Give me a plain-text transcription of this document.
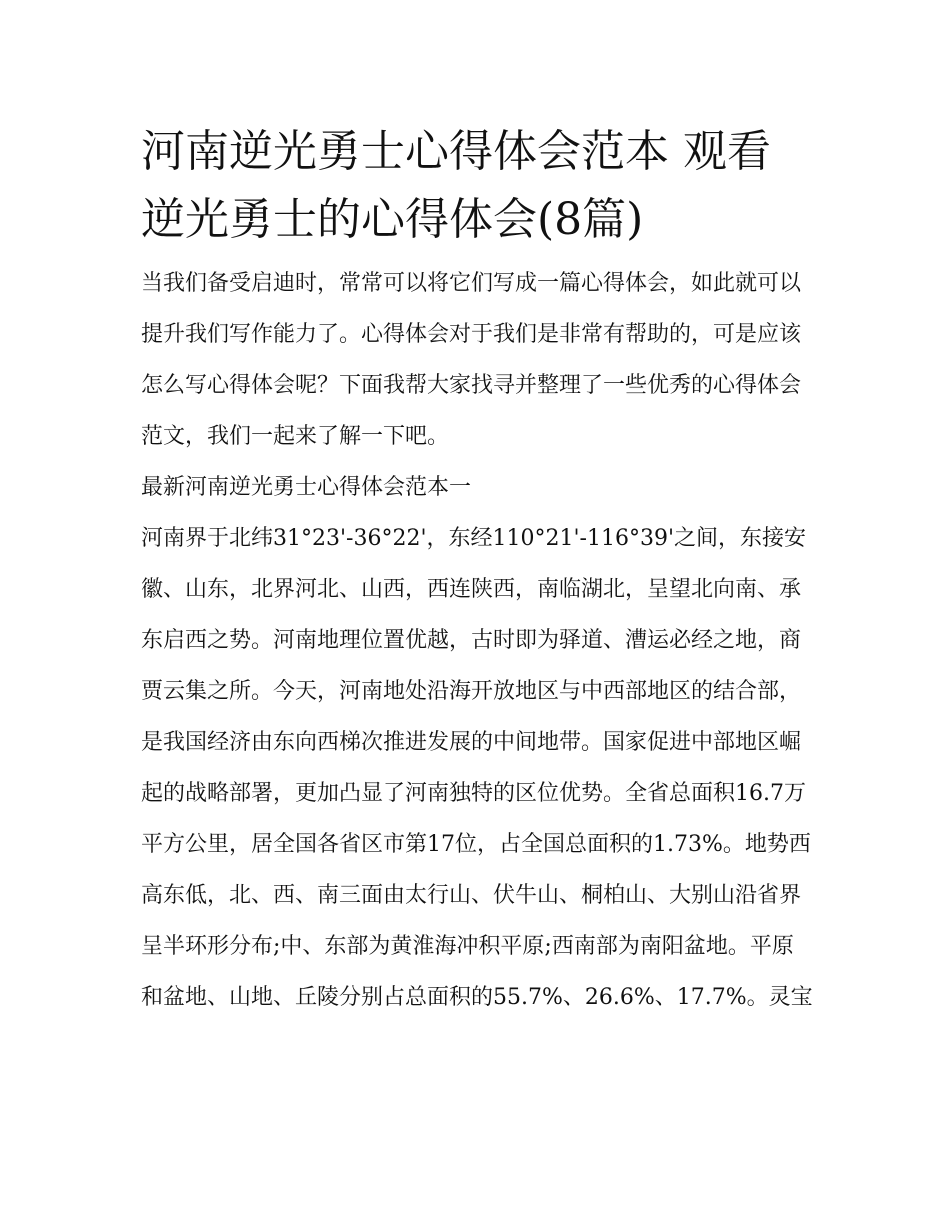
河南逆光勇士心得体会范本 观看逆光勇士的心得体会(8篇)

当我们备受启迪时，常常可以将它们写成一篇心得体会，如此就可以提升我们写作能力了。心得体会对于我们是非常有帮助的，可是应该怎么写心得体会呢？下面我帮大家找寻并整理了一些优秀的心得体会范文，我们一起来了解一下吧。

最新河南逆光勇士心得体会范本一

河南界于北纬31°23'-36°22'，东经110°21'-116°39'之间，东接安徽、山东，北界河北、山西，西连陕西，南临湖北，呈望北向南、承东启西之势。河南地理位置优越，古时即为驿道、漕运必经之地，商贾云集之所。今天，河南地处沿海开放地区与中西部地区的结合部，是我国经济由东向西梯次推进发展的中间地带。国家促进中部地区崛起的战略部署，更加凸显了河南独特的区位优势。全省总面积16.7万平方公里，居全国各省区市第17位，占全国总面积的1.73%。地势西高东低，北、西、南三面由太行山、伏牛山、桐柏山、大别山沿省界呈半环形分布;中、东部为黄淮海冲积平原;西南部为南阳盆地。平原和盆地、山地、丘陵分别占总面积的55.7%、26.6%、17.7%。灵宝
